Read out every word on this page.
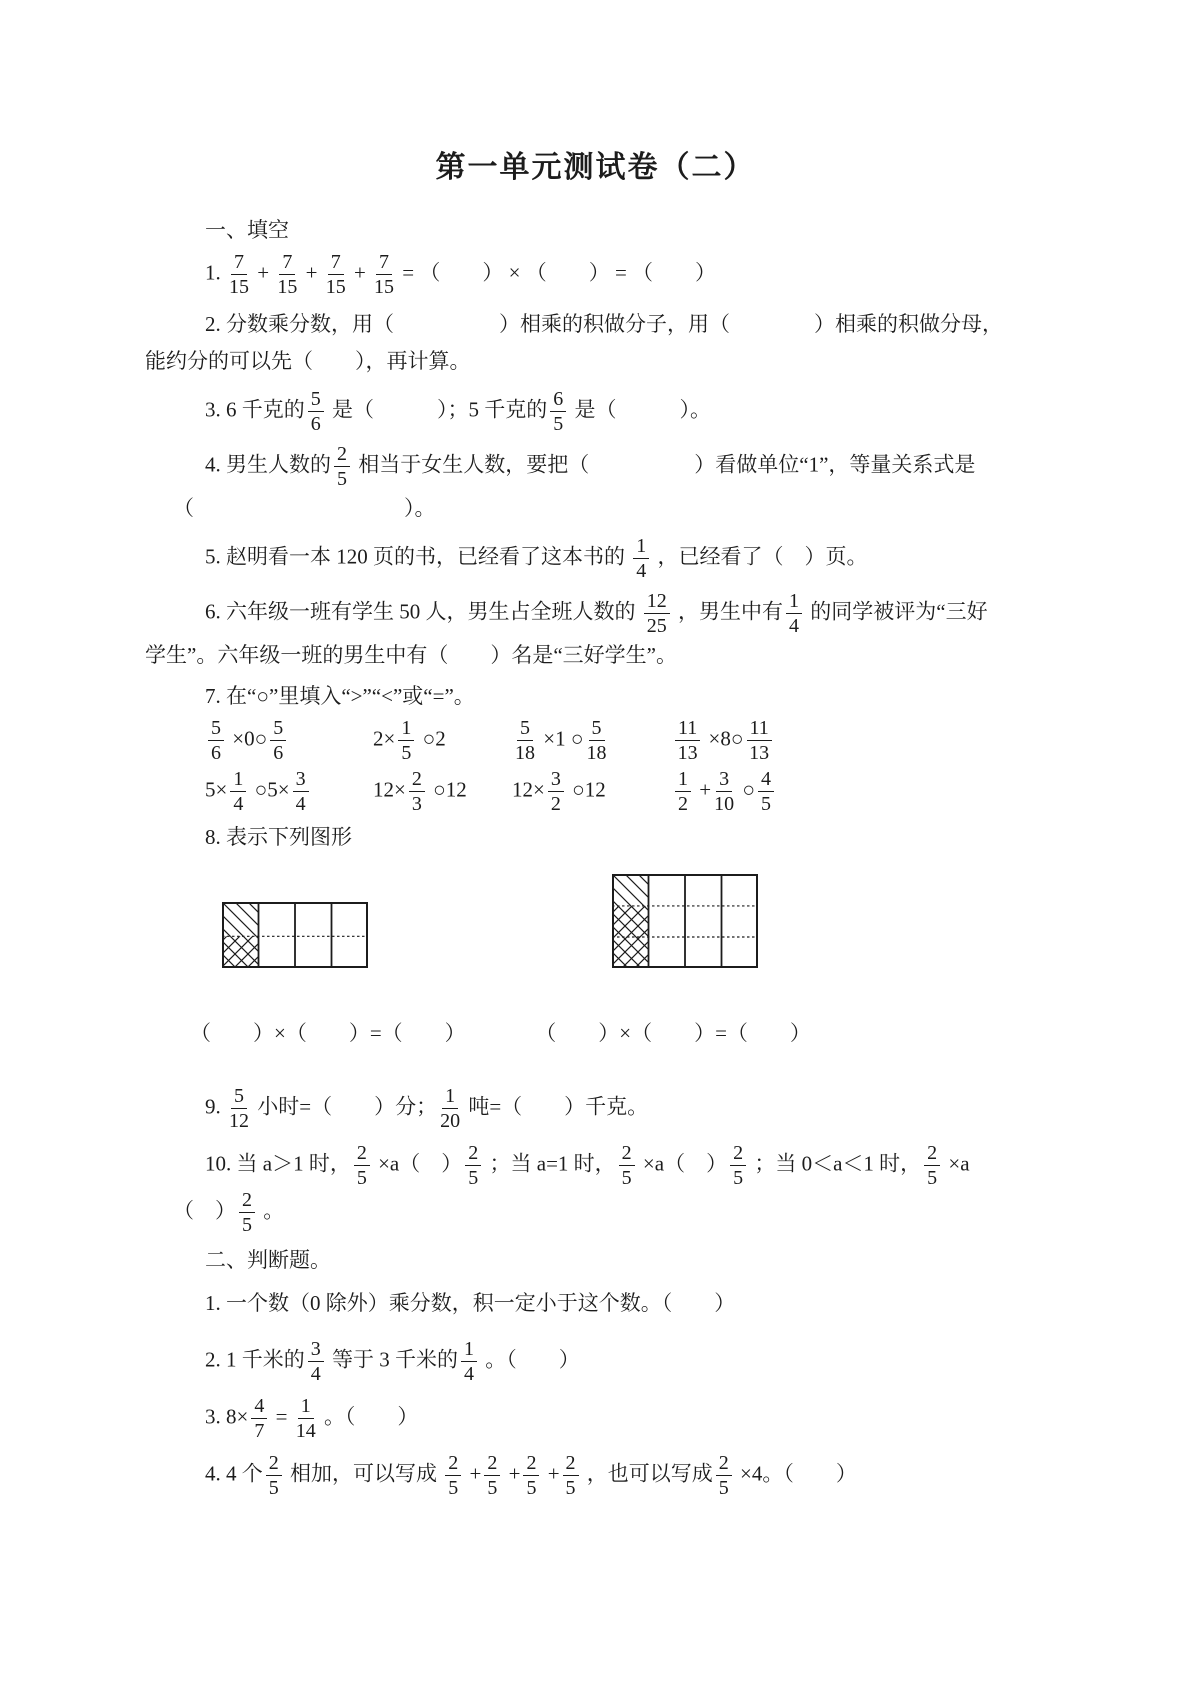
第一单元测试卷（二）
一、填空
1. $\frac{7}{15} + \frac{7}{15} + \frac{7}{15} + \frac{7}{15}$ = （　　） × （　　） = （　　）
2. 分数乘分数，用（　　　　　）相乘的积做分子，用（　　　　）相乘的积做分母，
能约分的可以先（　　），再计算。
3. 6 千克的 $\frac{5}{6}$ 是（　　　）；5 千克的 $\frac{6}{5}$ 是（　　　）。
4. 男生人数的 $\frac{2}{5}$ 相当于女生人数，要把（　　　　　）看做单位“1”，等量关系式是
（　　　　　　　　　　）。
5. 赵明看一本 120 页的书，已经看了这本书的 $\frac{1}{4}$ ，已经看了（　）页。
6. 六年级一班有学生 50 人，男生占全班人数的 $\frac{12}{25}$ ，男生中有 $\frac{1}{4}$ 的同学被评为“三好
学生”。六年级一班的男生中有（　　）名是“三好学生”。
7. 在“○”里填入“>”“<”或“=”。
$\frac{5}{6}$ ×0○ $\frac{5}{6}$	$2\times \frac{1}{5}$ ○2	$\frac{5}{18} \times 1$ ○ $\frac{5}{18}$	$\frac{11}{13}$ ×8○ $\frac{11}{13}$
$5\times \frac{1}{4}$ ○5× $\frac{3}{4}$	$12\times \frac{2}{3}$ ○12	$12\times \frac{3}{2}$ ○12	$\frac{1}{2} + \frac{3}{10}$ ○ $\frac{4}{5}$
8. 表示下列图形
（　　）×（　　）=（　　）	（　　）×（　　）=（　　）
9. $\frac{5}{12}$ 小时=（　　）分； $\frac{1}{20}$ 吨=（　　）千克。
10. 当 a＞1 时， $\frac{2}{5} \times a$（　） $\frac{2}{5}$ ；当 a=1 时， $\frac{2}{5} \times a$（　） $\frac{2}{5}$ ；当 0＜a＜1 时， $\frac{2}{5} \times a$
（　） $\frac{2}{5}$ 。
二、判断题。
1. 一个数（0 除外）乘分数，积一定小于这个数。（　　）
2. 1 千米的 $\frac{3}{4}$ 等于 3 千米的 $\frac{1}{4}$ 。（　　）
3. $8\times \frac{4}{7} = \frac{1}{14}$ 。（　　）
4. 4 个 $\frac{2}{5}$ 相加，可以写成 $\frac{2}{5} + \frac{2}{5} + \frac{2}{5} + \frac{2}{5}$ ，也可以写成 $\frac{2}{5} \times 4$。（　　）
